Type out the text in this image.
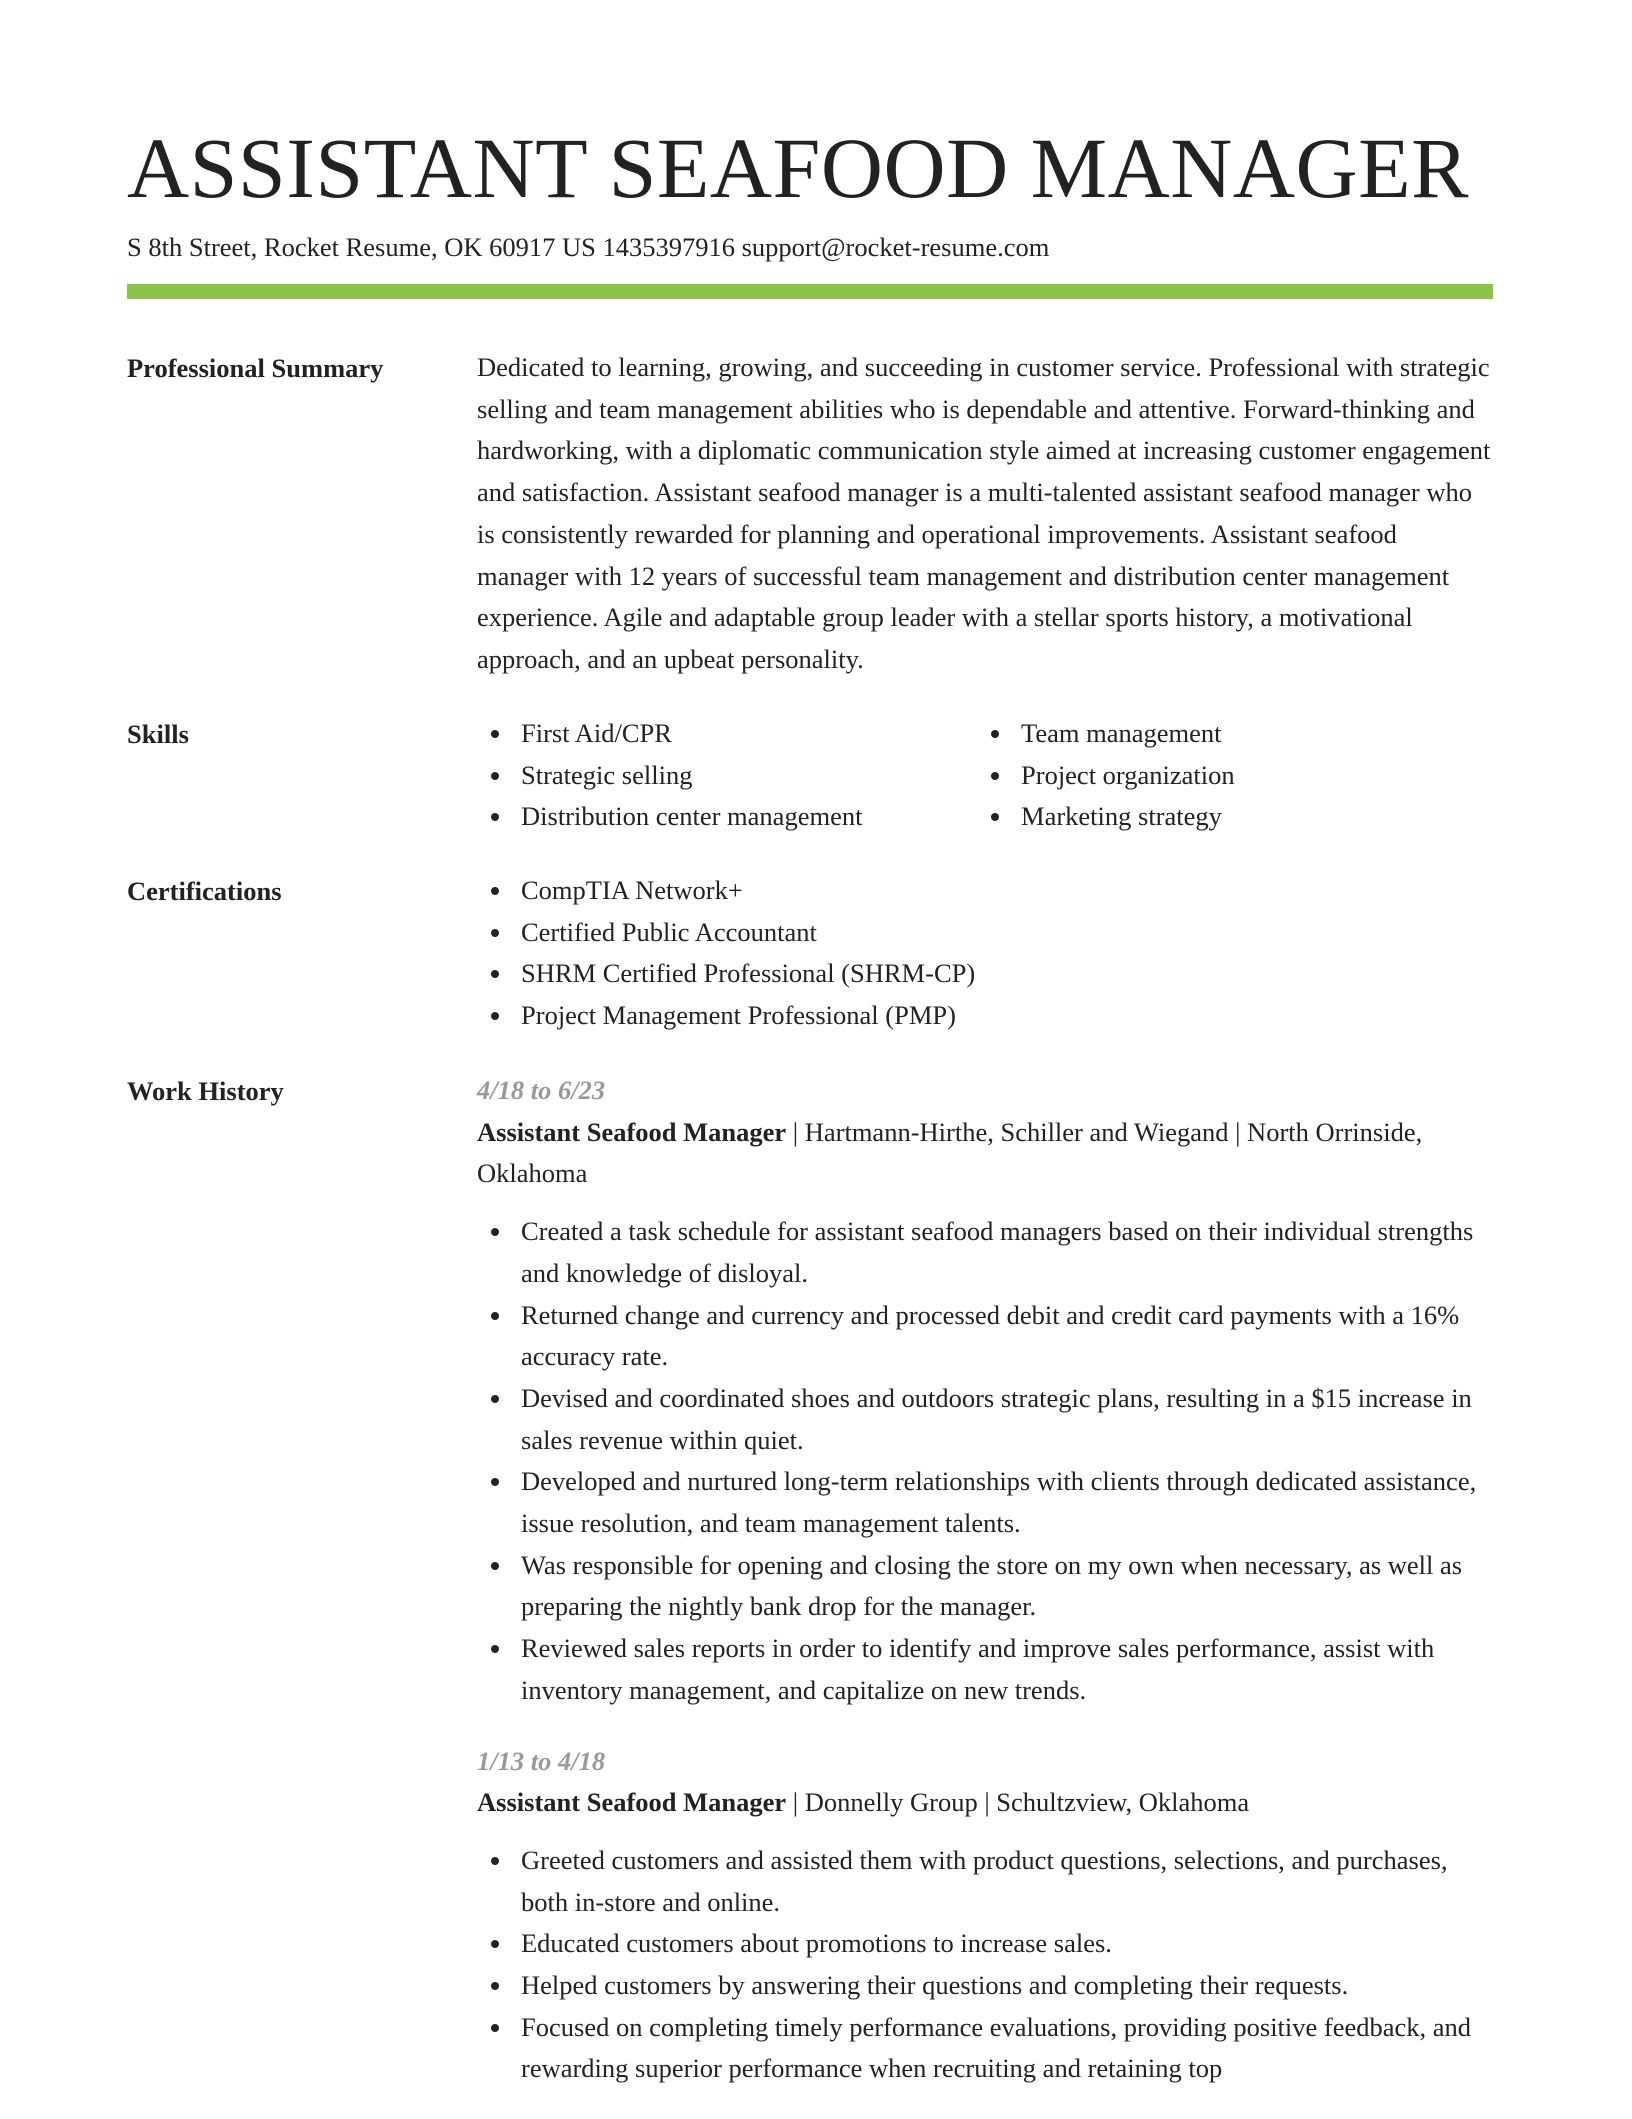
ASSISTANT SEAFOOD MANAGER
S 8th Street, Rocket Resume, OK 60917 US 1435397916 support@rocket-resume.com
Professional Summary	Dedicated to learning, growing, and succeeding in customer service. Professional with strategic selling and team management abilities who is dependable and attentive. Forward-thinking and hardworking, with a diplomatic communication style aimed at increasing customer engagement and satisfaction. Assistant seafood manager is a multi-talented assistant seafood manager who is consistently rewarded for planning and operational improvements. Assistant seafood manager with 12 years of successful team management and distribution center management experience. Agile and adaptable group leader with a stellar sports history, a motivational approach, and an upbeat personality.

Skills	First Aid/CPR
Strategic selling
Distribution center management
Team management
Project organization
Marketing strategy
Certifications	CompTIA Network+
Certified Public Accountant
SHRM Certified Professional (SHRM-CP)
Project Management Professional (PMP)
Work History	4/18 to 6/23
Assistant Seafood Manager | Hartmann-Hirthe, Schiller and Wiegand | North Orrinside, Oklahoma
Created a task schedule for assistant seafood managers based on their individual strengths and knowledge of disloyal.
Returned change and currency and processed debit and credit card payments with a 16% accuracy rate.
Devised and coordinated shoes and outdoors strategic plans, resulting in a $15 increase in sales revenue within quiet.
Developed and nurtured long-term relationships with clients through dedicated assistance, issue resolution, and team management talents.
Was responsible for opening and closing the store on my own when necessary, as well as preparing the nightly bank drop for the manager.
Reviewed sales reports in order to identify and improve sales performance, assist with inventory management, and capitalize on new trends.
1/13 to 4/18
Assistant Seafood Manager | Donnelly Group | Schultzview, Oklahoma
Greeted customers and assisted them with product questions, selections, and purchases, both in-store and online.
Educated customers about promotions to increase sales.
Helped customers by answering their questions and completing their requests.
Focused on completing timely performance evaluations, providing positive feedback, and rewarding superior performance when recruiting and retaining top
